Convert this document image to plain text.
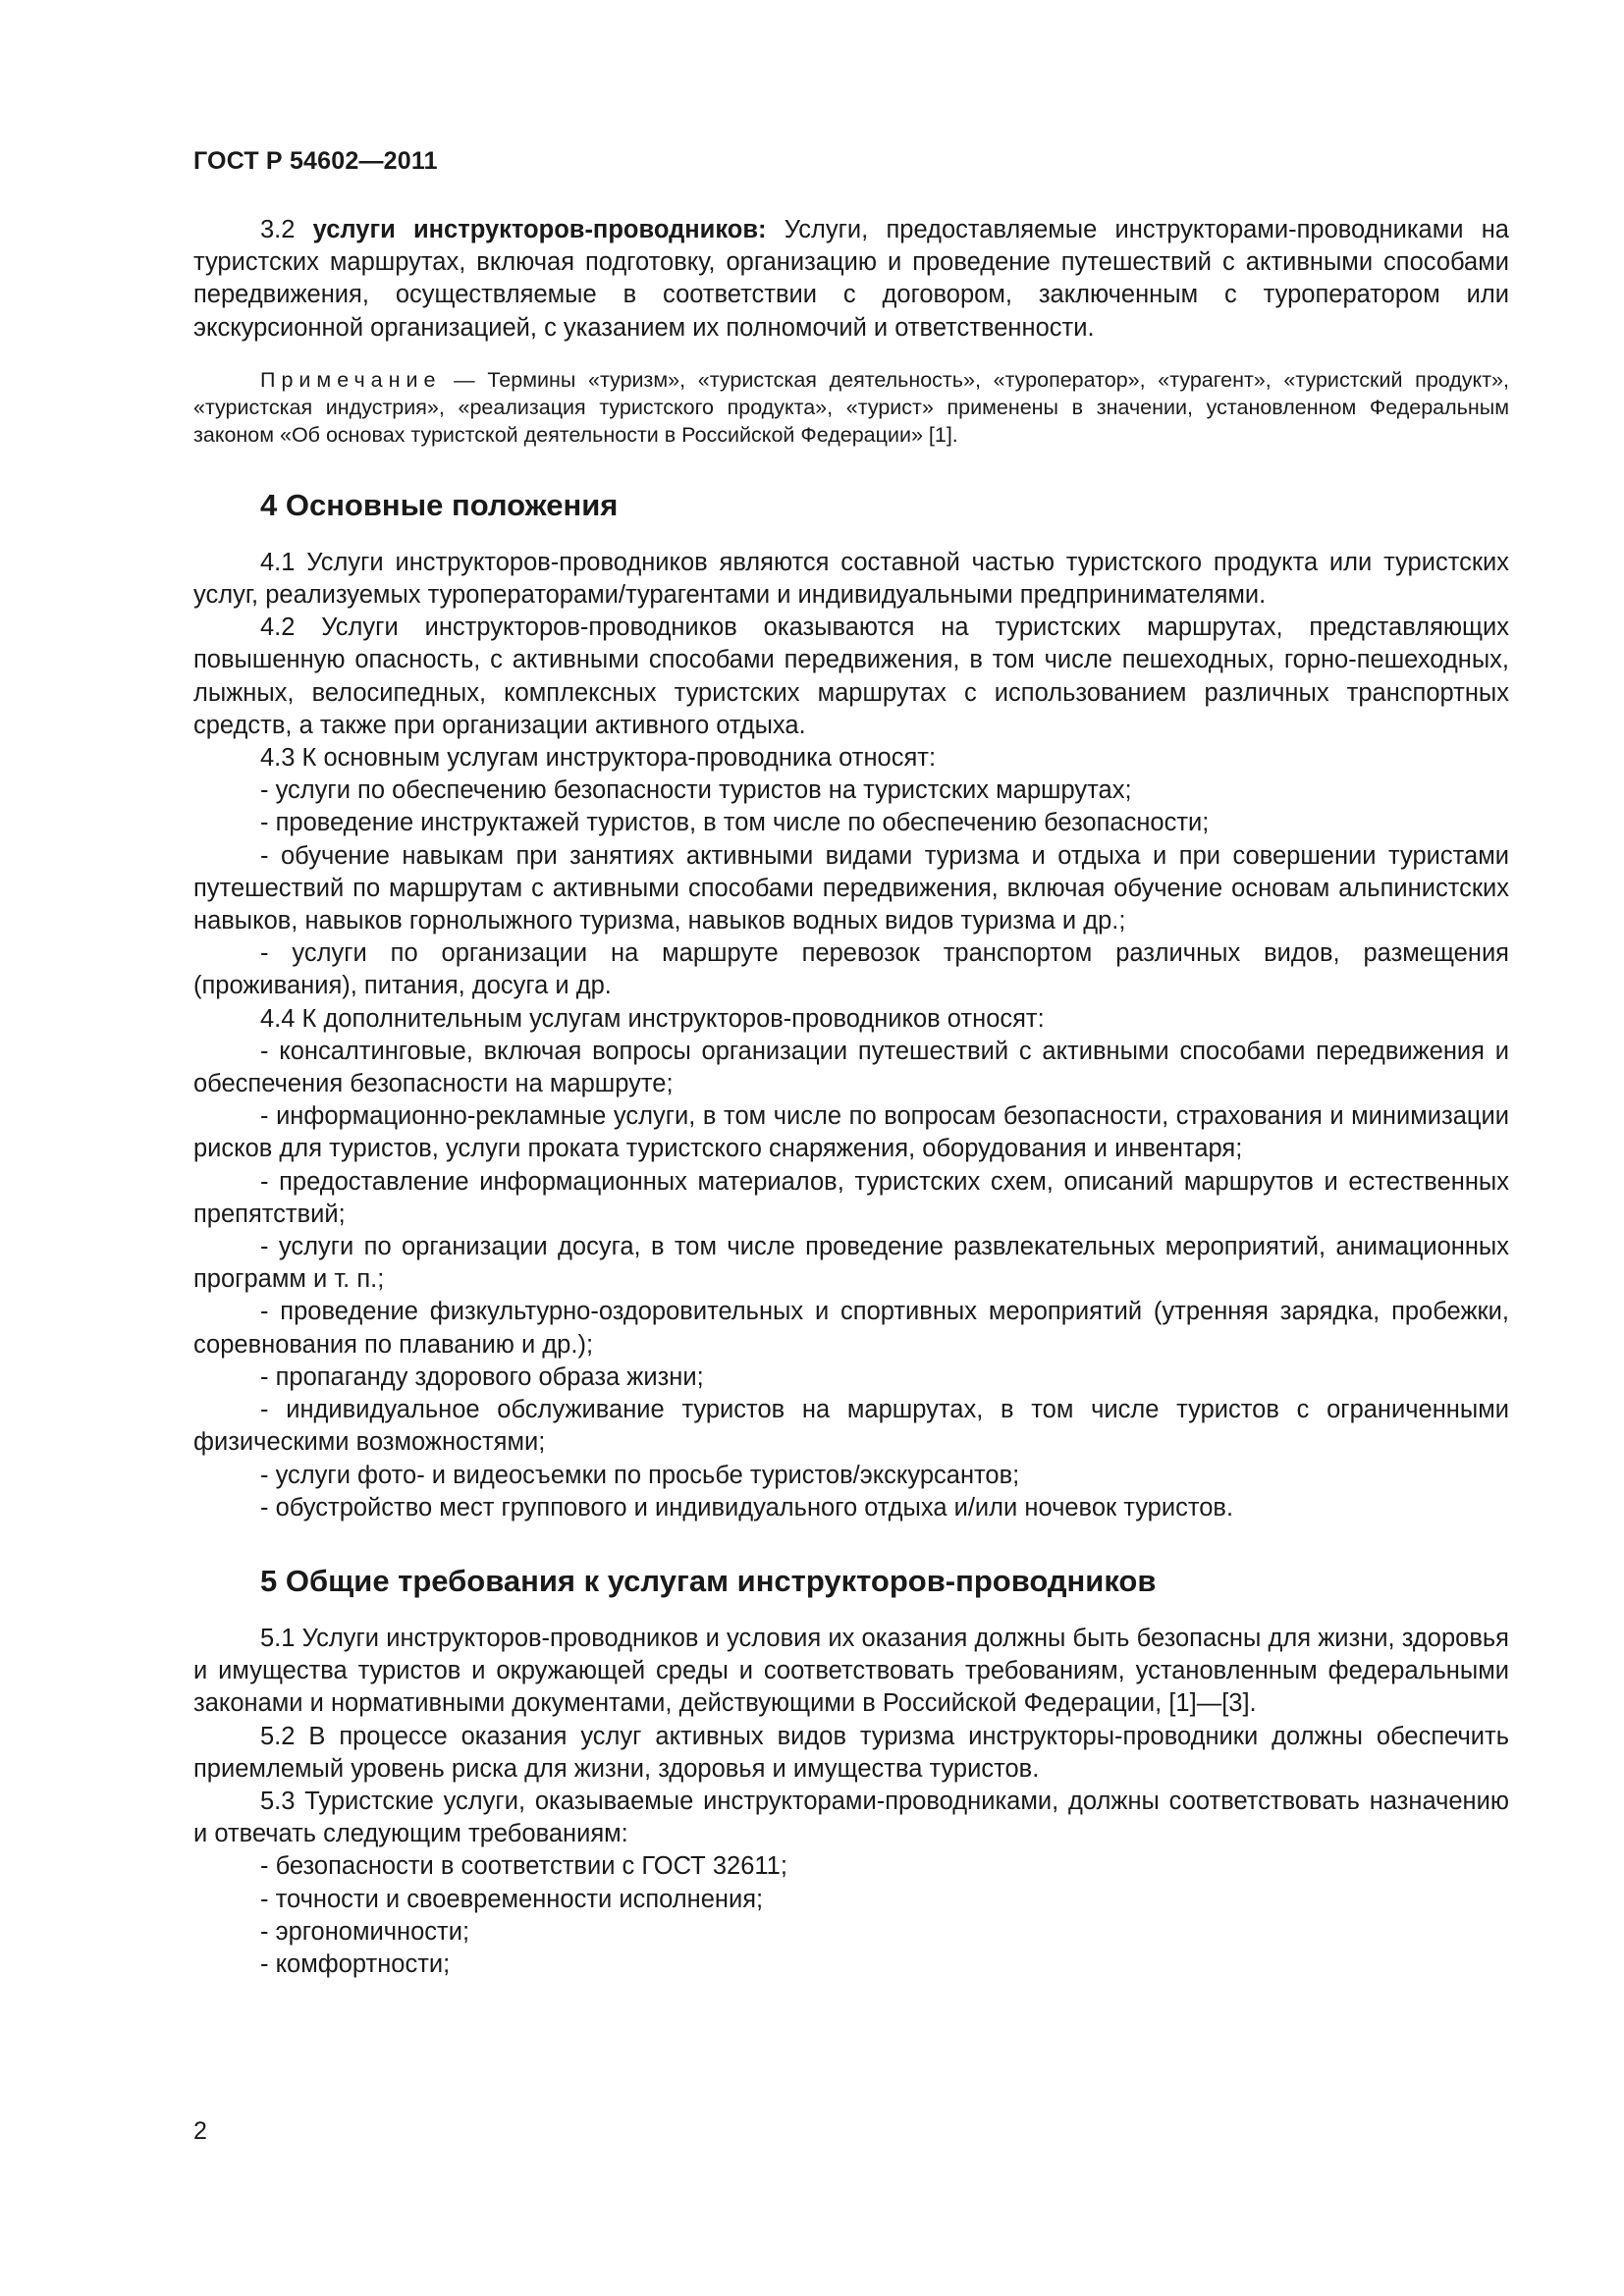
ГОСТ Р 54602—2011

3.2 услуги инструкторов-проводников: Услуги, предоставляемые инструкторами-проводниками на туристских маршрутах, включая подготовку, организацию и проведение путешествий с активными способами передвижения, осуществляемые в соответствии с договором, заключенным с туроператором или экскурсионной организацией, с указанием их полномочий и ответственности.

Примечание — Термины «туризм», «туристская деятельность», «туроператор», «турагент», «туристский продукт», «туристская индустрия», «реализация туристского продукта», «турист» применены в значении, установленном Федеральным законом «Об основах туристской деятельности в Российской Федерации» [1].

4 Основные положения

4.1 Услуги инструкторов-проводников являются составной частью туристского продукта или туристских услуг, реализуемых туроператорами/турагентами и индивидуальными предпринимателями.

4.2 Услуги инструкторов-проводников оказываются на туристских маршрутах, представляющих повышенную опасность, с активными способами передвижения, в том числе пешеходных, горно-пешеходных, лыжных, велосипедных, комплексных туристских маршрутах с использованием различных транспортных средств, а также при организации активного отдыха.

4.3 К основным услугам инструктора-проводника относят:

- услуги по обеспечению безопасности туристов на туристских маршрутах;

- проведение инструктажей туристов, в том числе по обеспечению безопасности;

- обучение навыкам при занятиях активными видами туризма и отдыха и при совершении туристами путешествий по маршрутам с активными способами передвижения, включая обучение основам альпинистских навыков, навыков горнолыжного туризма, навыков водных видов туризма и др.;

- услуги по организации на маршруте перевозок транспортом различных видов, размещения (проживания), питания, досуга и др.

4.4 К дополнительным услугам инструкторов-проводников относят:

- консалтинговые, включая вопросы организации путешествий с активными способами передвижения и обеспечения безопасности на маршруте;

- информационно-рекламные услуги, в том числе по вопросам безопасности, страхования и минимизации рисков для туристов, услуги проката туристского снаряжения, оборудования и инвентаря;

- предоставление информационных материалов, туристских схем, описаний маршрутов и естественных препятствий;

- услуги по организации досуга, в том числе проведение развлекательных мероприятий, анимационных программ и т. п.;

- проведение физкультурно-оздоровительных и спортивных мероприятий (утренняя зарядка, пробежки, соревнования по плаванию и др.);

- пропаганду здорового образа жизни;

- индивидуальное обслуживание туристов на маршрутах, в том числе туристов с ограниченными физическими возможностями;

- услуги фото- и видеосъемки по просьбе туристов/экскурсантов;

- обустройство мест группового и индивидуального отдыха и/или ночевок туристов.

5 Общие требования к услугам инструкторов-проводников

5.1 Услуги инструкторов-проводников и условия их оказания должны быть безопасны для жизни, здоровья и имущества туристов и окружающей среды и соответствовать требованиям, установленным федеральными законами и нормативными документами, действующими в Российской Федерации, [1]—[3].

5.2 В процессе оказания услуг активных видов туризма инструкторы-проводники должны обеспечить приемлемый уровень риска для жизни, здоровья и имущества туристов.

5.3 Туристские услуги, оказываемые инструкторами-проводниками, должны соответствовать назначению и отвечать следующим требованиям:

- безопасности в соответствии с ГОСТ 32611;

- точности и своевременности исполнения;

- эргономичности;

- комфортности;

2
